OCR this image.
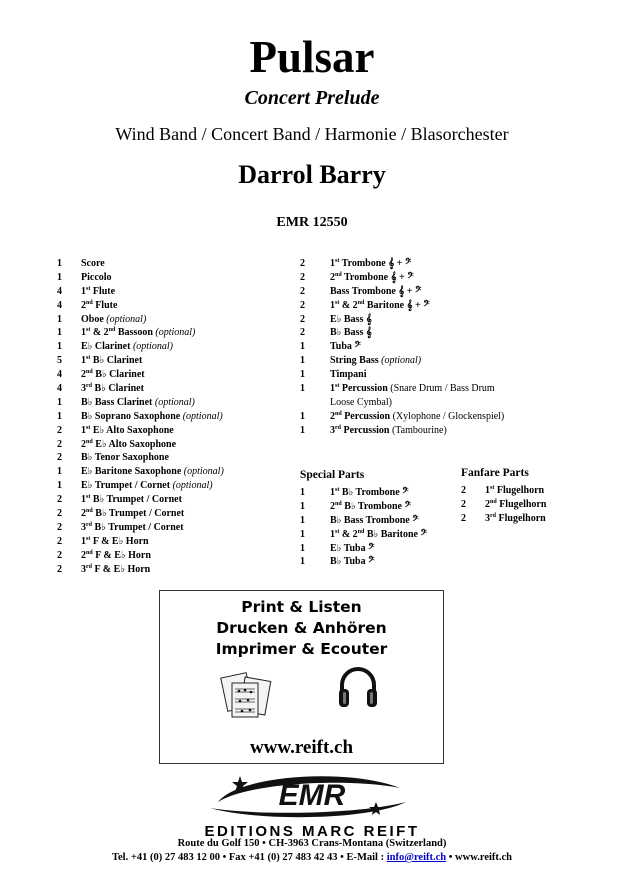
Pulsar
Concert Prelude
Wind Band / Concert Band / Harmonie / Blasorchester
Darrol Barry
EMR 12550
1 Score
1 Piccolo
4 1st Flute
4 2nd Flute
1 Oboe (optional)
1 1st & 2nd Bassoon (optional)
1 E♭ Clarinet (optional)
5 1st B♭ Clarinet
4 2nd B♭ Clarinet
4 3rd B♭ Clarinet
1 B♭ Bass Clarinet (optional)
1 B♭ Soprano Saxophone (optional)
2 1st E♭ Alto Saxophone
2 2nd E♭ Alto Saxophone
2 B♭ Tenor Saxophone
1 E♭ Baritone Saxophone (optional)
1 E♭ Trumpet / Cornet (optional)
2 1st B♭ Trumpet / Cornet
2 2nd B♭ Trumpet / Cornet
2 3rd B♭ Trumpet / Cornet
2 1st F & E♭ Horn
2 2nd F & E♭ Horn
2 3rd F & E♭ Horn
2	1st Trombone 𝄞 + 𝄢
2	2nd Trombone 𝄞 + 𝄢
2	Bass Trombone 𝄞 + 𝄢
2	1st & 2nd Baritone 𝄞 + 𝄢
2	E♭ Bass 𝄞
2	B♭ Bass 𝄞
1	Tuba 𝄢
1	String Bass (optional)
1	Timpani
1	1st Percussion (Snare Drum / Bass Drum
Loose Cymbal)
1	2nd Percussion (Xylophone / Glockenspiel)
1	3rd Percussion (Tambourine)
Special Parts
1	1st B♭ Trombone 𝄢
1	2nd B♭ Trombone 𝄢
1	B♭ Bass Trombone 𝄢
1	1st & 2nd B♭ Baritone 𝄢
1	E♭ Tuba 𝄢
1	B♭ Tuba 𝄢
Fanfare Parts
2 1st Flugelhorn
2 2nd Flugelhorn
2 3rd Flugelhorn
Print & Listen
Drucken & Anhören
Imprimer & Ecouter
www.reift.ch
EMR
EDITIONS MARC REIFT
Route du Golf 150 • CH-3963 Crans-Montana (Switzerland)
Tel. +41 (0) 27 483 12 00 • Fax +41 (0) 27 483 42 43 • E-Mail : info@reift.ch • www.reift.ch
